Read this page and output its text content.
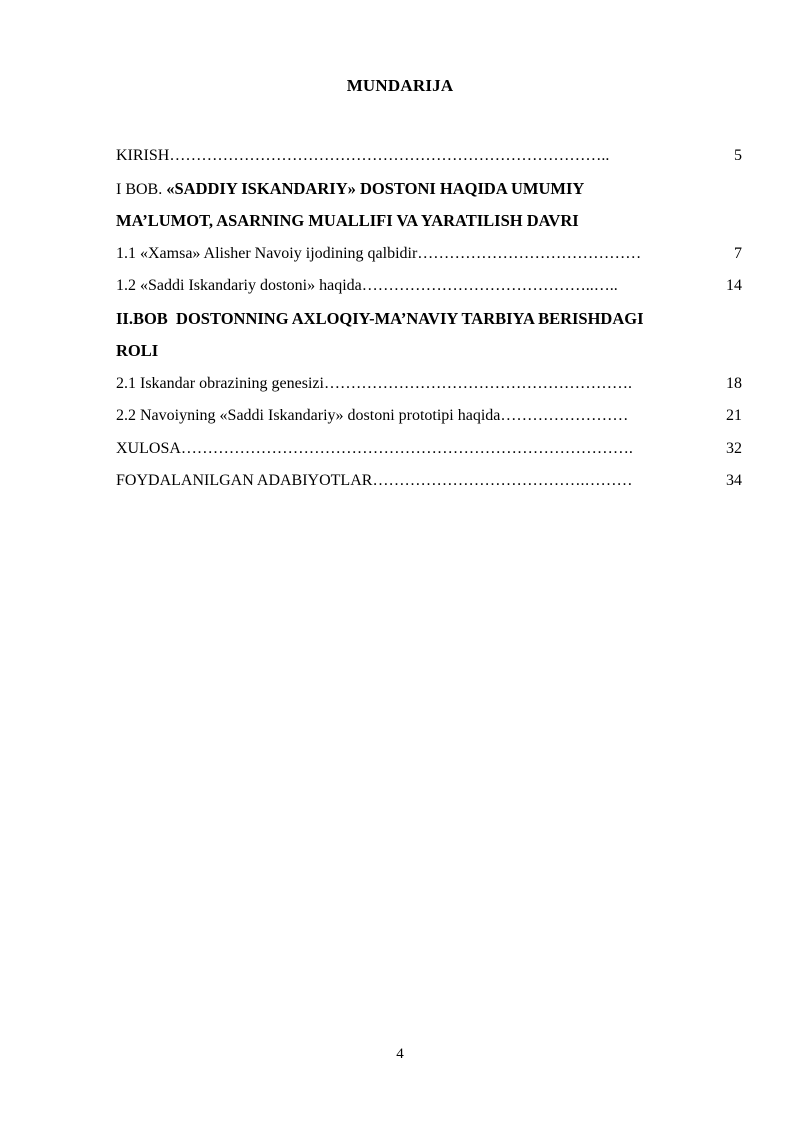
MUNDARIJA
KIRISH………………………………………………………………………..	5
I BOB. «SADDIY ISKANDARIY» DOSTONI HAQIDA UMUMIY
MA’LUMOT, ASARNING MUALLIFI VA YARATILISH DAVRI
1.1 «Xamsa» Alisher Navoiy ijodining qalbidir……………………………………	7
1.2 «Saddi Iskandariy dostoni» haqida……………………………………..…..	14
II.BOB  DOSTONNING AXLOQIY-MA’NAVIY TARBIYA BERISHDAGI
ROLI
2.1 Iskandar obrazining genesizi………………………………………………….	18
2.2 Navoiyning «Saddi Iskandariy» dostoni prototipi haqida……………………	21
XULOSA………………………………………………………………………….	32
FOYDALANILGAN ADABIYOTLAR………………………………….………	34
4
